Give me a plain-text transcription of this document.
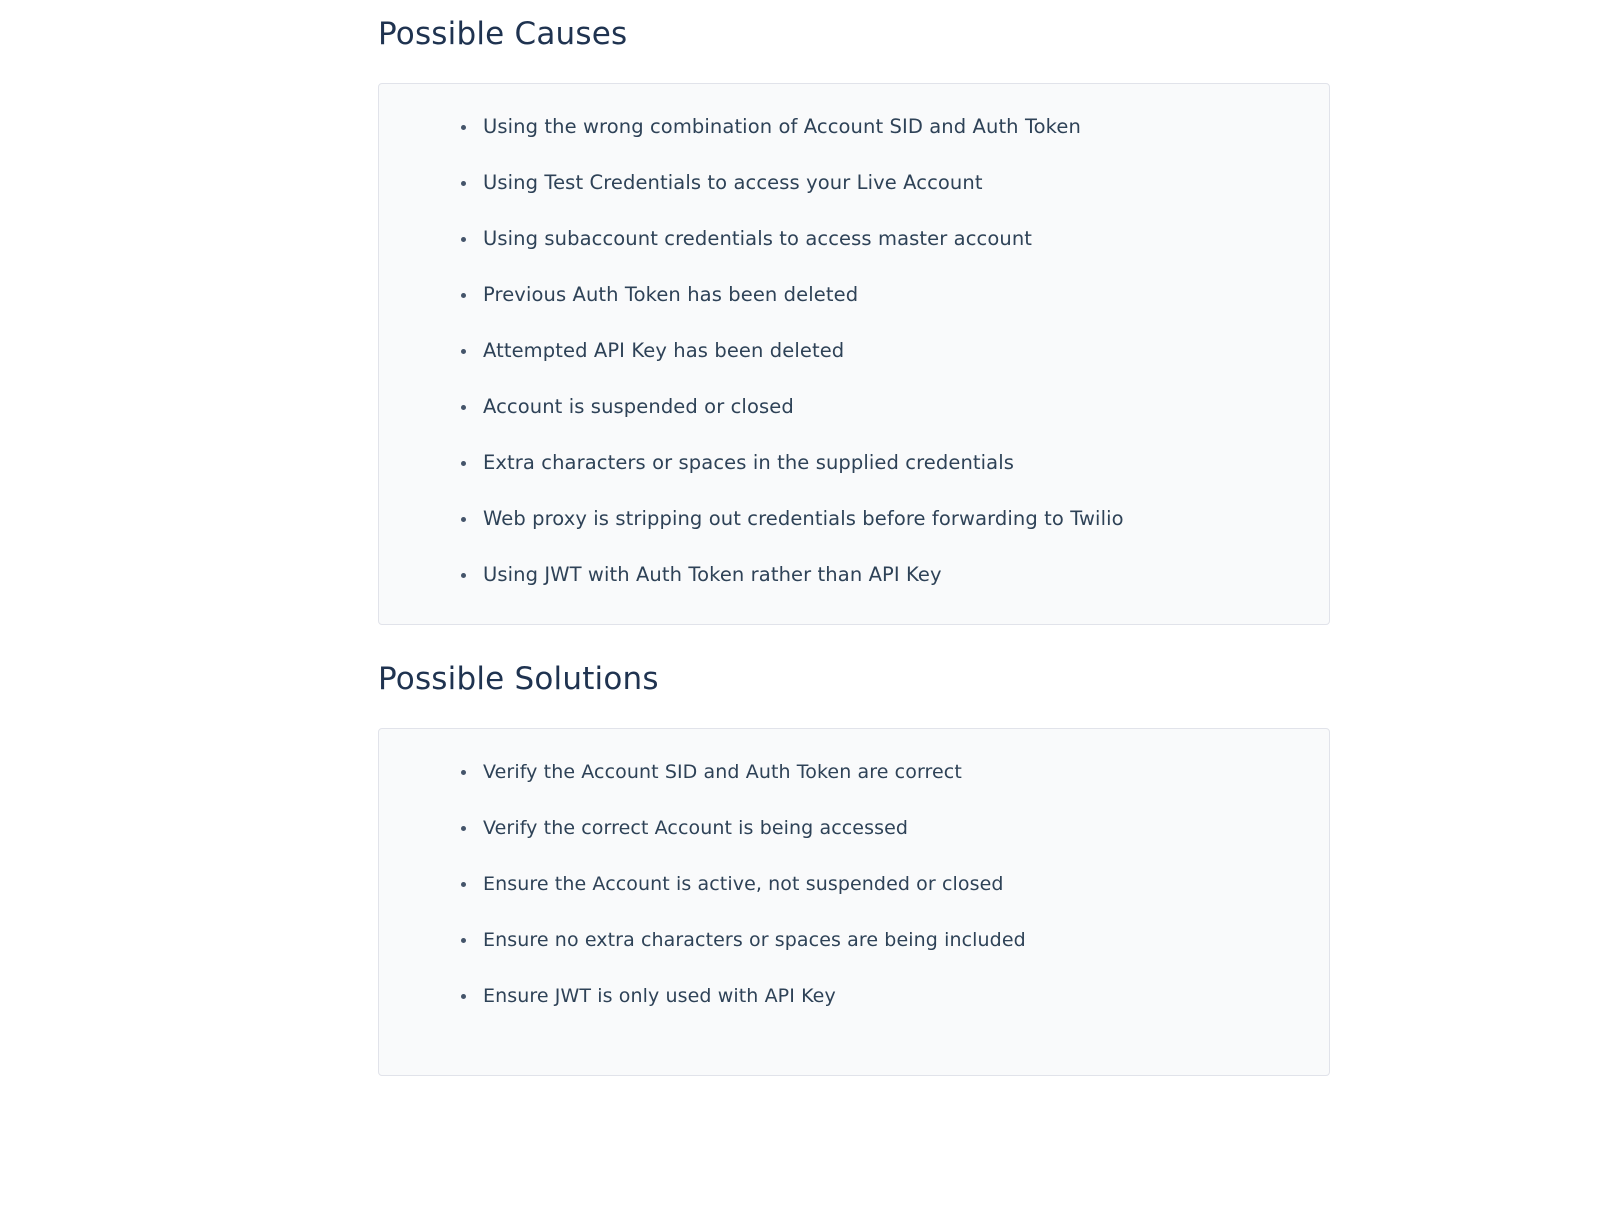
Possible Causes
Using the wrong combination of Account SID and Auth Token
Using Test Credentials to access your Live Account
Using subaccount credentials to access master account
Previous Auth Token has been deleted
Attempted API Key has been deleted
Account is suspended or closed
Extra characters or spaces in the supplied credentials
Web proxy is stripping out credentials before forwarding to Twilio
Using JWT with Auth Token rather than API Key
Possible Solutions
Verify the Account SID and Auth Token are correct
Verify the correct Account is being accessed
Ensure the Account is active, not suspended or closed
Ensure no extra characters or spaces are being included
Ensure JWT is only used with API Key
